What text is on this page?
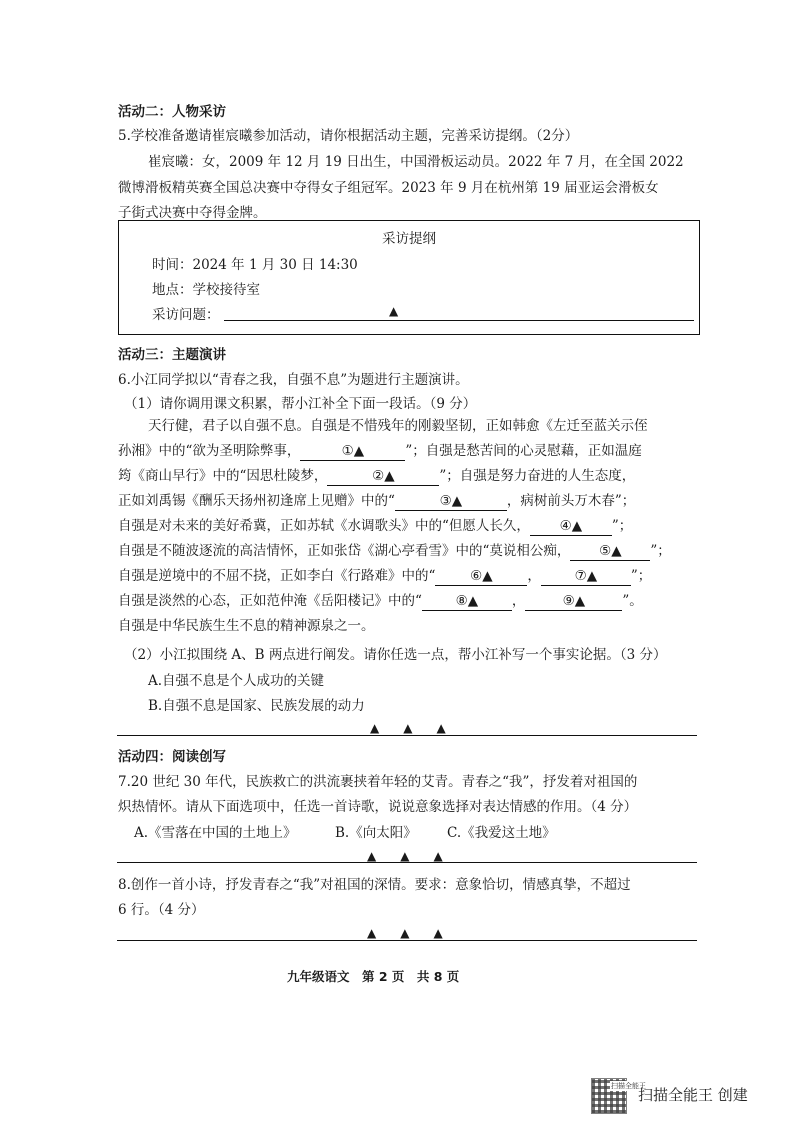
活动二：人物采访
5.学校准备邀请崔宸曦参加活动，请你根据活动主题，完善采访提纲。（2分）
崔宸曦：女，2009 年 12 月 19 日出生，中国滑板运动员。2022 年 7 月，在全国 2022
微博滑板精英赛全国总决赛中夺得女子组冠军。2023 年 9 月在杭州第 19 届亚运会滑板女
子街式决赛中夺得金牌。
采访提纲
时间：2024 年 1 月 30 日 14:30
地点：学校接待室
采访问题：	▲
活动三：主题演讲
6.小江同学拟以“青春之我，自强不息”为题进行主题演讲。
（1）请你调用课文积累，帮小江补全下面一段话。（9 分）
天行健，君子以自强不息。自强是不惜残年的刚毅坚韧，正如韩愈《左迁至蓝关示侄
孙湘》中的“欲为圣明除弊事，	①▲	”；自强是愁苦间的心灵慰藉，正如温庭
筠《商山早行》中的“因思杜陵梦，	②▲	”；自强是努力奋进的人生态度，
正如刘禹锡《酬乐天扬州初逢席上见赠》中的“	③▲	，病树前头万木春”；
自强是对未来的美好希冀，正如苏轼《水调歌头》中的“但愿人长久， ④▲ ”；
自强是不随波逐流的高洁情怀，正如张岱《湖心亭看雪》中的“莫说相公痴， ⑤▲ ”；
自强是逆境中的不屈不挠，正如李白《行路难》中的“	⑥▲	，	⑦▲	”；
自强是淡然的心态，正如范仲淹《岳阳楼记》中的“	⑧▲	，	⑨▲	”。
自强是中华民族生生不息的精神源泉之一。
（2）小江拟围绕 A、B 两点进行阐发。请你任选一点，帮小江补写一个事实论据。（3 分）
A.自强不息是个人成功的关键
B.自强不息是国家、民族发展的动力
▲　　▲　　▲
活动四：阅读创写
7.20 世纪 30 年代，民族救亡的洪流裹挟着年轻的艾青。青春之“我”，抒发着对祖国的
炽热情怀。请从下面选项中，任选一首诗歌，说说意象选择对表达情感的作用。（4 分）
A.《雪落在中国的土地上》	B.《向太阳》 C.《我爱这土地》
▲　　▲　　▲
8.创作一首小诗，抒发青春之“我”对祖国的深情。要求：意象恰切，情感真挚，不超过
6 行。（4 分）
▲　　▲　　▲
九年级语文　第 2 页　共 8 页
扫描全能王
扫描全能王 创建
